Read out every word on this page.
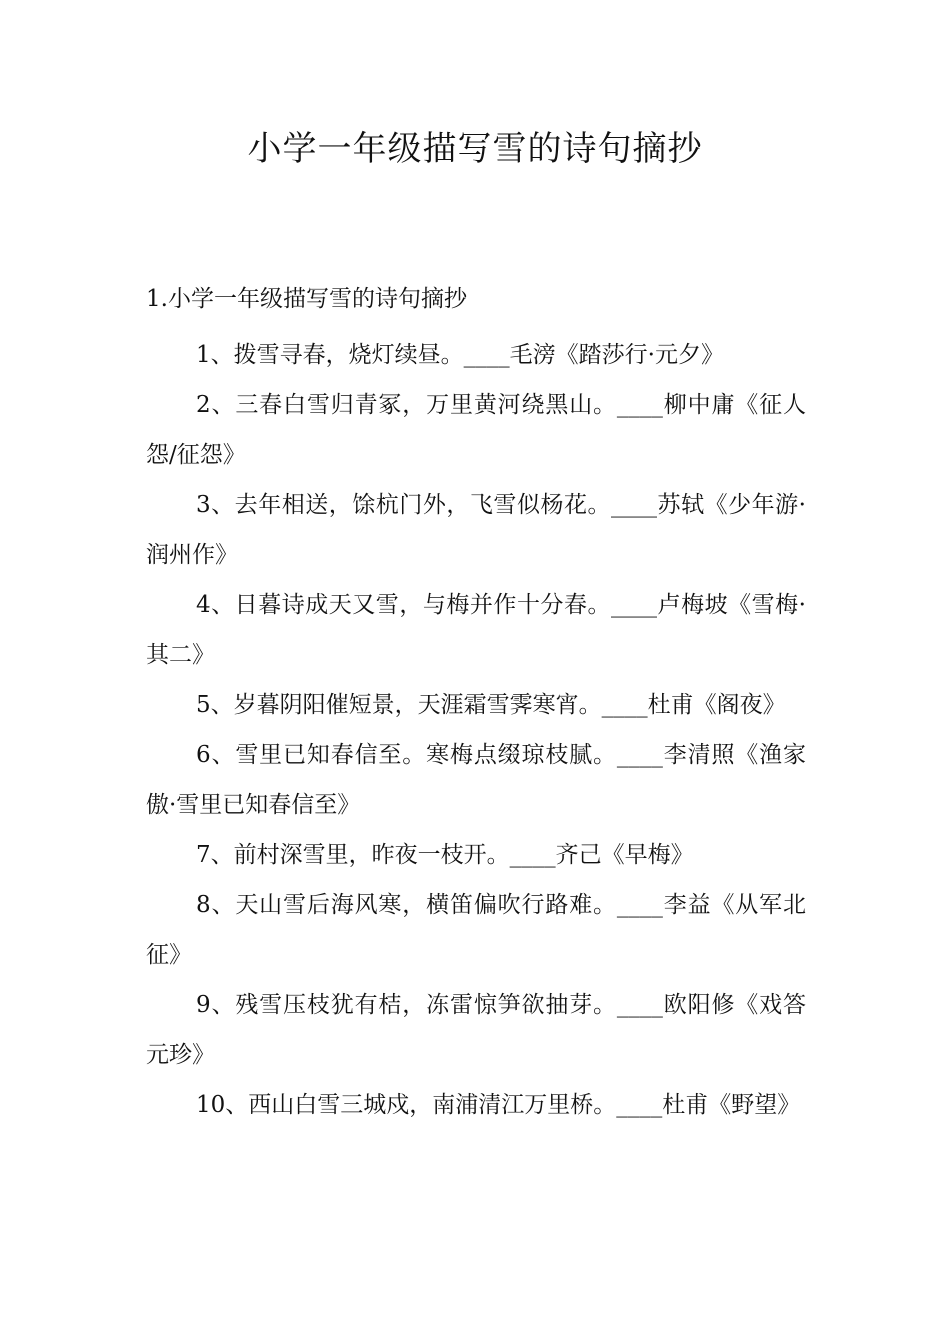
小学一年级描写雪的诗句摘抄

1.小学一年级描写雪的诗句摘抄

1、拨雪寻春，烧灯续昼。____毛滂《踏莎行·元夕》
2、三春白雪归青冢，万里黄河绕黑山。____柳中庸《征人怨/征怨》
3、去年相送，馀杭门外，飞雪似杨花。____苏轼《少年游·润州作》
4、日暮诗成天又雪，与梅并作十分春。____卢梅坡《雪梅·其二》
5、岁暮阴阳催短景，天涯霜雪霁寒宵。____杜甫《阁夜》
6、雪里已知春信至。寒梅点缀琼枝腻。____李清照《渔家傲·雪里已知春信至》
7、前村深雪里，昨夜一枝开。____齐己《早梅》
8、天山雪后海风寒，横笛偏吹行路难。____李益《从军北征》
9、残雪压枝犹有桔，冻雷惊笋欲抽芽。____欧阳修《戏答元珍》
10、西山白雪三城戍，南浦清江万里桥。____杜甫《野望》
